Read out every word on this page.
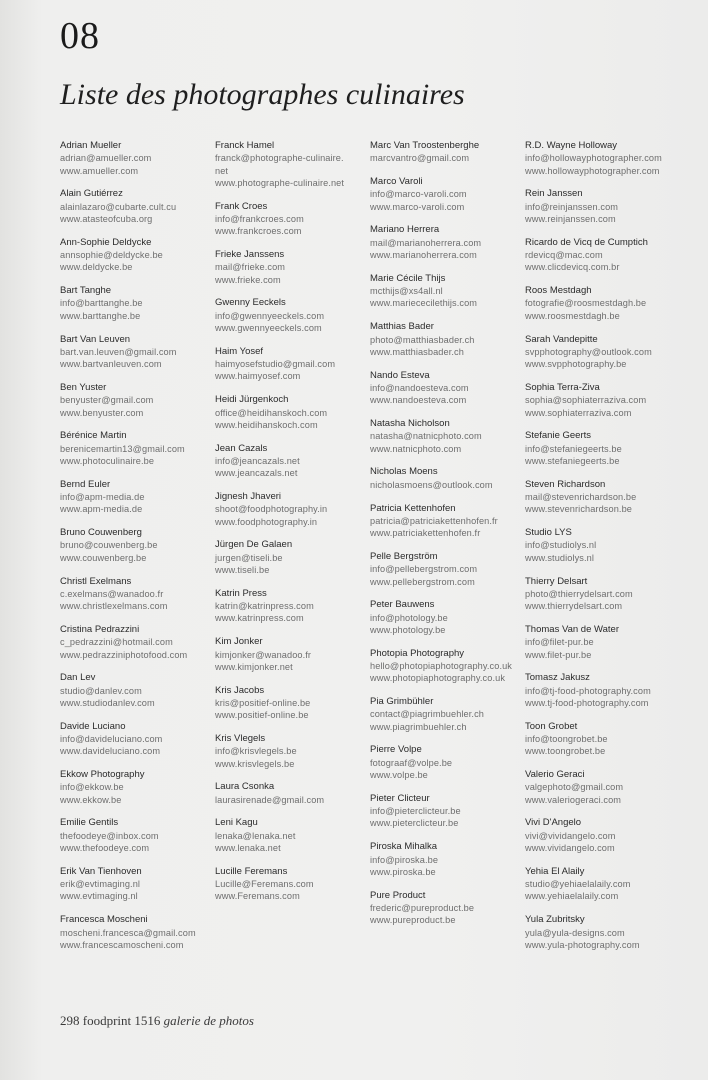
08
Liste des photographes culinaires
Adrian Mueller
adrian@amueller.com
www.amueller.com
Alain Gutiérrez
alainlazaro@cubarte.cult.cu
www.atasteofcuba.org
Ann-Sophie Deldycke
annsophie@deldycke.be
www.deldycke.be
Bart Tanghe
info@barttanghe.be
www.barttanghe.be
Bart Van Leuven
bart.van.leuven@gmail.com
www.bartvanleuven.com
Ben Yuster
benyuster@gmail.com
www.benyuster.com
Bérénice Martin
berenicemartin13@gmail.com
www.photoculinaire.be
Bernd Euler
info@apm-media.de
www.apm-media.de
Bruno Couwenberg
bruno@couwenberg.be
www.couwenberg.be
Christl Exelmans
c.exelmans@wanadoo.fr
www.christlexelmans.com
Cristina Pedrazzini
c_pedrazzini@hotmail.com
www.pedrazziniphotofood.com
Dan Lev
studio@danlev.com
www.studiodanlev.com
Davide Luciano
info@davideluciano.com
www.davideluciano.com
Ekkow Photography
info@ekkow.be
www.ekkow.be
Emilie Gentils
thefoodeye@inbox.com
www.thefoodeye.com
Erik Van Tienhoven
erik@evtimaging.nl
www.evtimaging.nl
Francesca Moscheni
moscheni.francesca@gmail.com
www.francescamoscheni.com
Franck Hamel
franck@photographe-culinaire.
net
www.photographe-culinaire.net
Frank Croes
info@frankcroes.com
www.frankcroes.com
Frieke Janssens
mail@frieke.com
www.frieke.com
Gwenny Eeckels
info@gwennyeeckels.com
www.gwennyeeckels.com
Haim Yosef
haimyosefstudio@gmail.com
www.haimyosef.com
Heidi Jürgenkoch
office@heidihanskoch.com
www.heidihanskoch.com
Jean Cazals
info@jeancazals.net
www.jeancazals.net
Jignesh Jhaveri
shoot@foodphotography.in
www.foodphotography.in
Jürgen De Galaen
jurgen@tiseli.be
www.tiseli.be
Katrin Press
katrin@katrinpress.com
www.katrinpress.com
Kim Jonker
kimjonker@wanadoo.fr
www.kimjonker.net
Kris Jacobs
kris@positief-online.be
www.positief-online.be
Kris Vlegels
info@krisvlegels.be
www.krisvlegels.be
Laura Csonka
laurasirenade@gmail.com
Leni Kagu
lenaka@lenaka.net
www.lenaka.net
Lucille Feremans
Lucille@Feremans.com
www.Feremans.com
Marc Van Troostenberghe
marcvantro@gmail.com
Marco Varoli
info@marco-varoli.com
www.marco-varoli.com
Mariano Herrera
mail@marianoherrera.com
www.marianoherrera.com
Marie Cécile Thijs
mcthijs@xs4all.nl
www.mariececilethijs.com
Matthias Bader
photo@matthiasbader.ch
www.matthiasbader.ch
Nando Esteva
info@nandoesteva.com
www.nandoesteva.com
Natasha Nicholson
natasha@natnicphoto.com
www.natnicphoto.com
Nicholas Moens
nicholasmoens@outlook.com
Patricia Kettenhofen
patricia@patriciakettenhofen.fr
www.patriciakettenhofen.fr
Pelle Bergström
info@pellebergstrom.com
www.pellebergstrom.com
Peter Bauwens
info@photology.be
www.photology.be
Photopia Photography
hello@photopiaphotography.co.uk
www.photopiaphotography.co.uk
Pia Grimbühler
contact@piagrimbuehler.ch
www.piagrimbuehler.ch
Pierre Volpe
fotograaf@volpe.be
www.volpe.be
Pieter Clicteur
info@pieterclicteur.be
www.pieterclicteur.be
Piroska Mihalka
info@piroska.be
www.piroska.be
Pure Product
frederic@pureproduct.be
www.pureproduct.be
R.D. Wayne Holloway
info@hollowayphotographer.com
www.hollowayphotographer.com
Rein Janssen
info@reinjanssen.com
www.reinjanssen.com
Ricardo de Vicq de Cumptich
rdevicq@mac.com
www.clicdevicq.com.br
Roos Mestdagh
fotografie@roosmestdagh.be
www.roosmestdagh.be
Sarah Vandepitte
svpphotography@outlook.com
www.svpphotography.be
Sophia Terra-Ziva
sophia@sophiaterraziva.com
www.sophiaterraziva.com
Stefanie Geerts
info@stefaniegeerts.be
www.stefaniegeerts.be
Steven Richardson
mail@stevenrichardson.be
www.stevenrichardson.be
Studio LYS
info@studiolys.nl
www.studiolys.nl
Thierry Delsart
photo@thierrydelsart.com
www.thierrydelsart.com
Thomas Van de Water
info@filet-pur.be
www.filet-pur.be
Tomasz Jakusz
info@tj-food-photography.com
www.tj-food-photography.com
Toon Grobet
info@toongrobet.be
www.toongrobet.be
Valerio Geraci
valgephoto@gmail.com
www.valeriogeraci.com
Vivi D'Angelo
vivi@vividangelo.com
www.vividangelo.com
Yehia El Alaily
studio@yehiaelalaily.com
www.yehiaelalaily.com
Yula Zubritsky
yula@yula-designs.com
www.yula-photography.com
298 foodprint 1516 galerie de photos
